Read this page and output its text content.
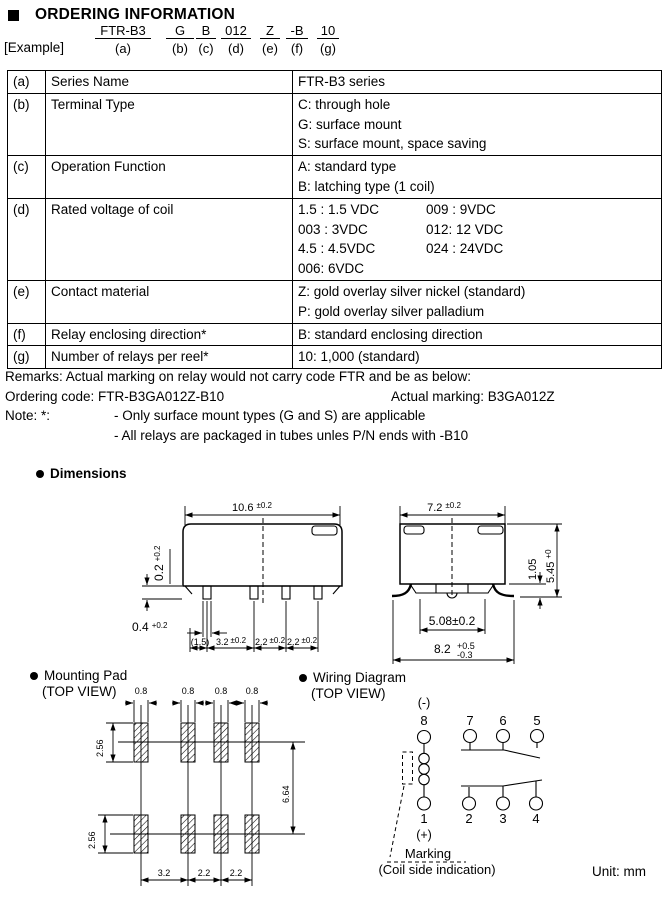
ORDERING INFORMATION
[Example]
FTR-B3
(a)
G
(b)
B
(c)
012
(d)
Z
(e)
-B
(f)
10
(g)
(a)	Series Name	FTR-B3 series

(b)	Terminal Type	C: through hole
G: surface mount
S: surface mount, space saving

(c)	Operation Function	A: standard type
B: latching type (1 coil)

(d)	Rated voltage of coil	1.5 : 1.5 VDC 009 : 9VDC
003 : 3VDC 012: 12 VDC
4.5 : 4.5VDC 024 : 24VDC
006: 6VDC

(e)	Contact material	Z: gold overlay silver nickel (standard)
P: gold overlay silver palladium

(f)	Relay enclosing direction*	B: standard enclosing direction

(g)	Number of relays per reel*	10: 1,000 (standard)
Remarks: Actual marking on relay would not carry code FTR and be as below:
Ordering code: FTR-B3GA012Z-B10	Actual marking: B3GA012Z
Note: *:	- Only surface mount types (G and S) are applicable
- All relays are packaged in tubes unles P/N ends with -B10
Dimensions
Mounting Pad
(TOP VIEW)
Wiring Diagram
(TOP VIEW)
Unit: mm
10.6 $^{\pm 0.2}$
$0.2^{+0.2}$
0.4 $^{+0.2}$
(1.5) 3.2 ±0.2 2.2 ±0.2 2.2 ±0.2
7.2 $^{\pm 0.2}$
1.05 $5.45^{+0}$
5.08±0.2
8.2 +0.5
-0.3
0.8	0.8 0.8 0.8
2.56
2.56
6.64
3.2	2.2 2.2
(-)
8	7 6 5
1	2 3 4
(+)
Marking
(Coil side indication)
